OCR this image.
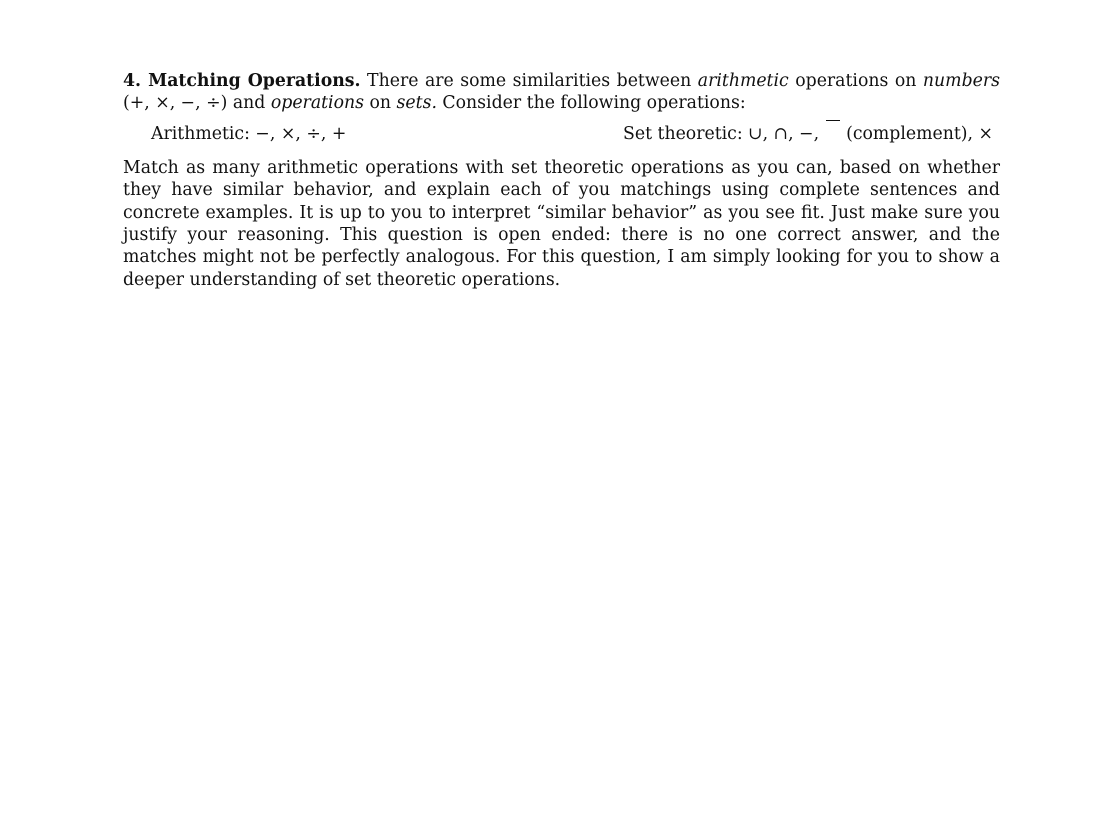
4. Matching Operations. There are some similarities between arithmetic operations on numbers (+, ×, −, ÷) and operations on sets. Consider the following operations:

Arithmetic: −, ×, ÷, +	Set theoretic: ∪, ∩, −,  (complement), ×

Match as many arithmetic operations with set theoretic operations as you can, based on whether they have similar behavior, and explain each of you matchings using complete sentences and concrete examples. It is up to you to interpret “similar behavior” as you see fit. Just make sure you justify your reasoning. This question is open ended: there is no one correct answer, and the matches might not be perfectly analogous. For this question, I am simply looking for you to show a deeper understanding of set theoretic operations.
